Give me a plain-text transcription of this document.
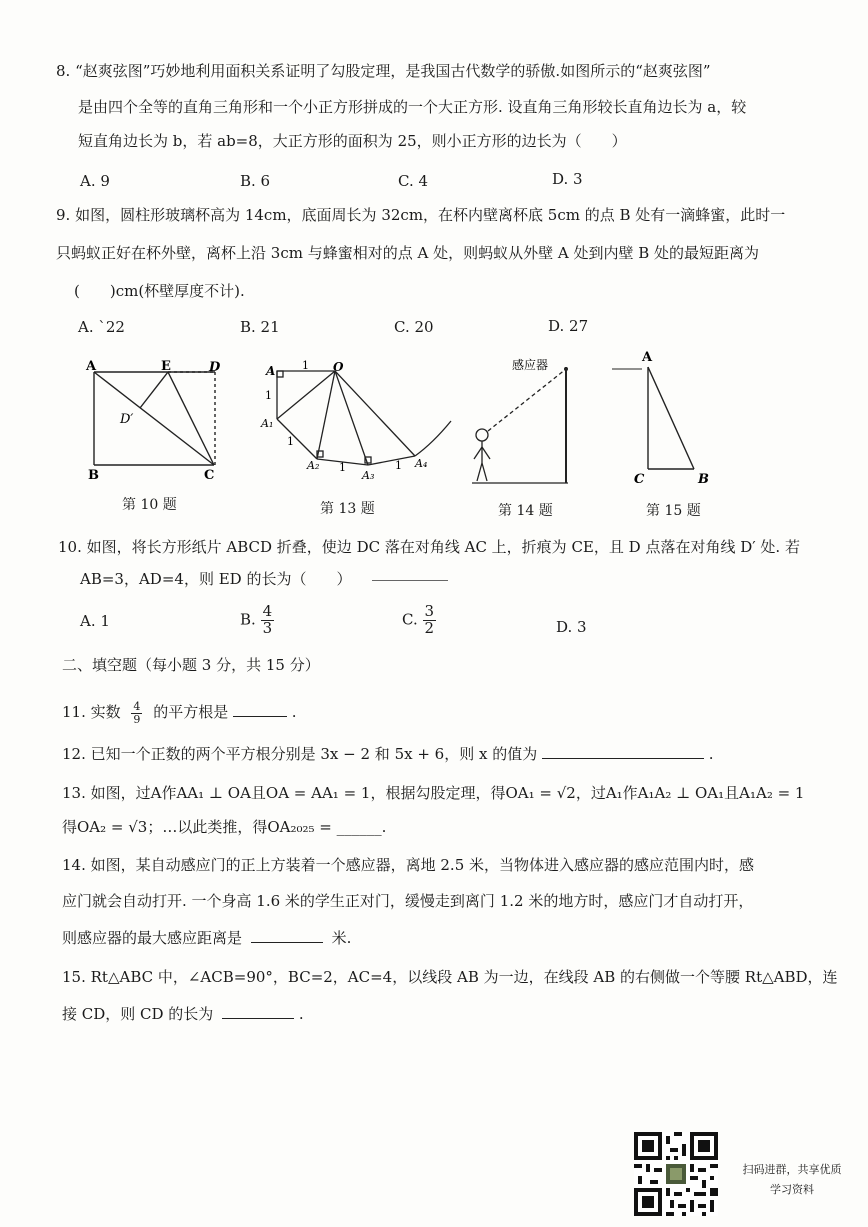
8. “赵爽弦图”巧妙地利用面积关系证明了勾股定理，是我国古代数学的骄傲.如图所示的“赵爽弦图”
是由四个全等的直角三角形和一个小正方形拼成的一个大正方形. 设直角三角形较长直角边长为 a，较
短直角边长为 b，若 ab=8，大正方形的面积为 25，则小正方形的边长为（　　）
A. 9	B. 6	C. 4	D. 3
9. 如图，圆柱形玻璃杯高为 14cm，底面周长为 32cm，在杯内壁离杯底 5cm 的点 B 处有一滴蜂蜜，此时一
只蚂蚁正好在杯外壁，离杯上沿 3cm 与蜂蜜相对的点 A 处，则蚂蚁从外壁 A 处到内壁 B 处的最短距离为
(　　)cm(杯壁厚度不计).
A. `22	B. 21	C. 20	D. 27
A	E	D
D′
B	C
第 10 题
A 1 O
1
A₁
1
A₂ 1
A₃
1 A₄
第 13 题
感应器
第 14 题
A
C	B
第 15 题
10. 如图，将长方形纸片 ABCD 折叠，使边 DC 落在对角线 AC 上，折痕为 CE，且 D 点落在对角线 D′ 处. 若
AB=3，AD=4，则 ED 的长为（　　）
A. 1	B. $\frac{4}{3}$	C. $\frac{3}{2}$	D. 3
二、填空题（每小题 3 分，共 15 分）
11. 实数 $\frac{4}{9}$ 的平方根是	.
12. 已知一个正数的两个平方根分别是 3x − 2 和 5x + 6，则 x 的值为	.
13. 如图，过A作AA₁ ⊥ OA且OA = AA₁ = 1，根据勾股定理，得OA₁ = √2，过A₁作A₁A₂ ⊥ OA₁且A₁A₂ = 1
得OA₂ = √3；…以此类推，得OA₂₀₂₅ = ______.
14. 如图，某自动感应门的正上方装着一个感应器，离地 2.5 米，当物体进入感应器的感应范围内时，感
应门就会自动打开. 一个身高 1.6 米的学生正对门，缓慢走到离门 1.2 米的地方时，感应门才自动打开，
则感应器的最大感应距离是	米.
15. Rt△ABC 中，∠ACB=90°，BC=2，AC=4，以线段 AB 为一边，在线段 AB 的右侧做一个等腰 Rt△ABD，连
接 CD，则 CD 的长为	.
扫码进群，共享优质
学习资料
